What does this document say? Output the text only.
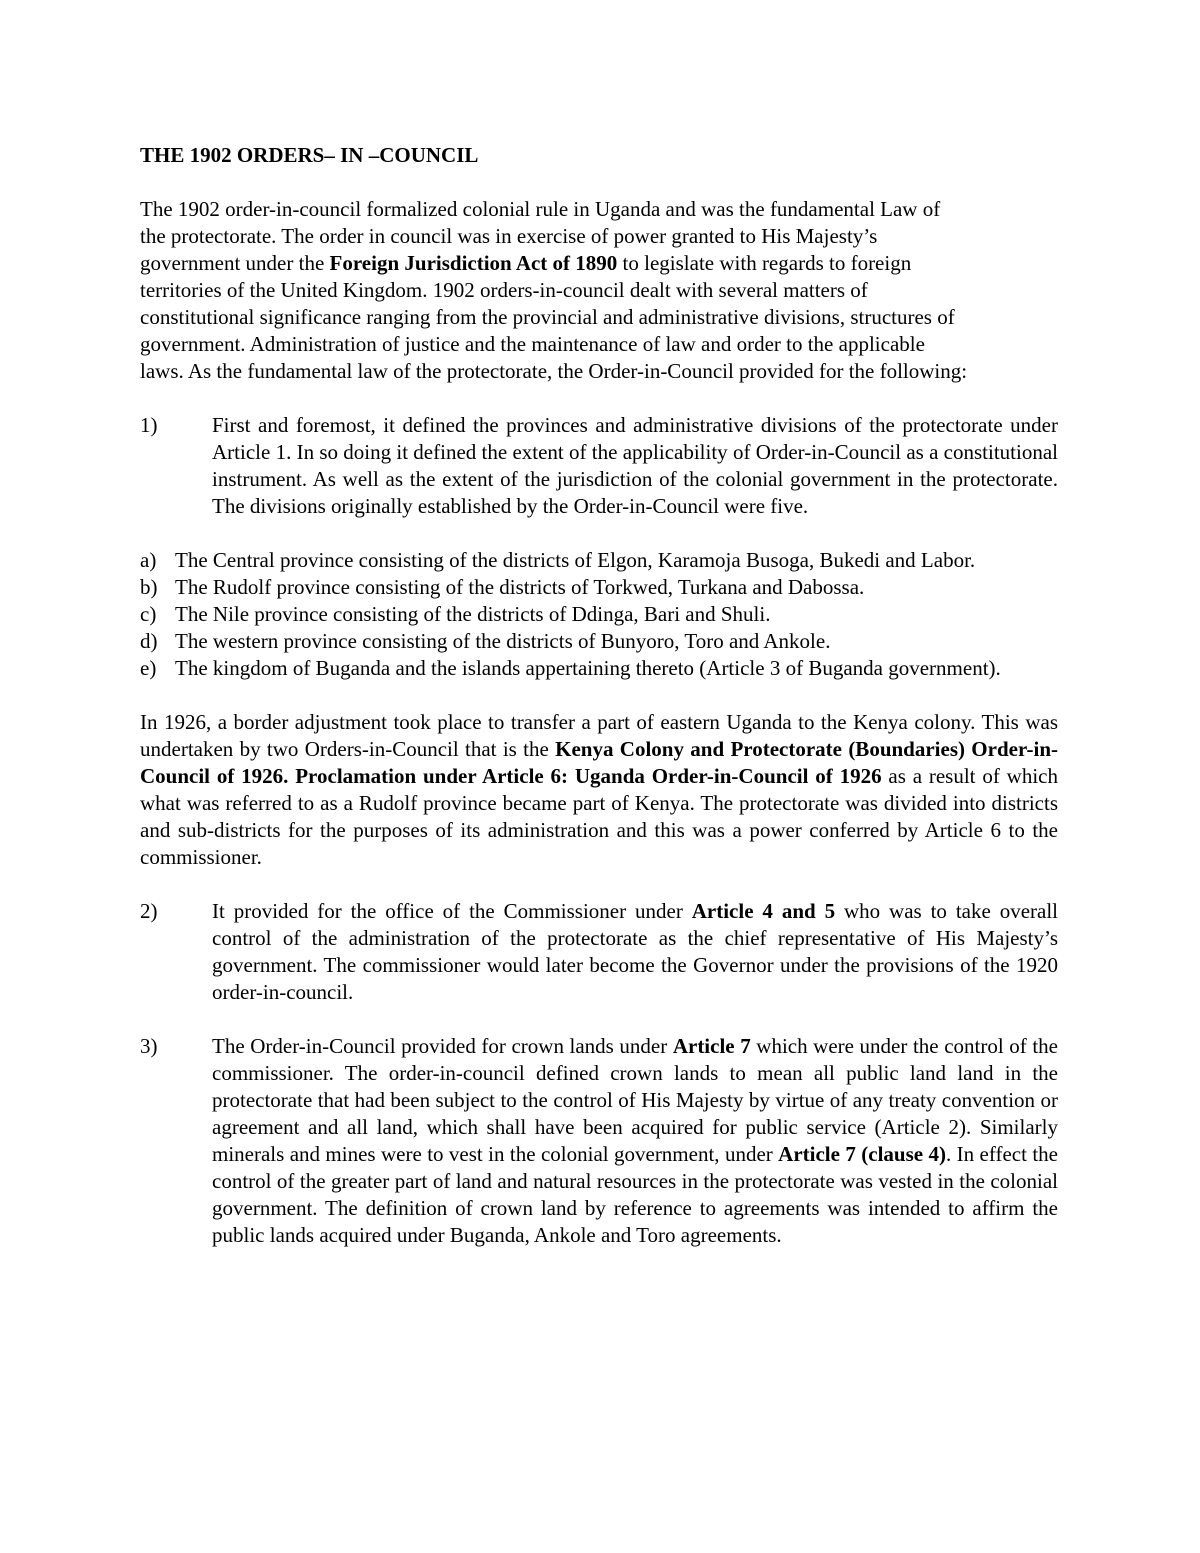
THE 1902 ORDERS– IN –COUNCIL

The 1902 order-in-council formalized colonial rule in Uganda and was the fundamental Law of the protectorate. The order in council was in exercise of power granted to His Majesty’s government under the Foreign Jurisdiction Act of 1890 to legislate with regards to foreign territories of the United Kingdom. 1902 orders-in-council dealt with several matters of constitutional significance ranging from the provincial and administrative divisions, structures of government. Administration of justice and the maintenance of law and order to the applicable laws. As the fundamental law of the protectorate, the Order-in-Council provided for the following:

1)	First and foremost, it defined the provinces and administrative divisions of the protectorate under Article 1. In so doing it defined the extent of the applicability of Order-in-Council as a constitutional instrument. As well as the extent of the jurisdiction of the colonial government in the protectorate. The divisions originally established by the Order-in-Council were five.
a) The Central province consisting of the districts of Elgon, Karamoja Busoga, Bukedi and Labor.
b) The Rudolf province consisting of the districts of Torkwed, Turkana and Dabossa.
c) The Nile province consisting of the districts of Ddinga, Bari and Shuli.
d) The western province consisting of the districts of Bunyoro, Toro and Ankole.
e) The kingdom of Buganda and the islands appertaining thereto (Article 3 of Buganda government).

In 1926, a border adjustment took place to transfer a part of eastern Uganda to the Kenya colony. This was undertaken by two Orders-in-Council that is the Kenya Colony and Protectorate (Boundaries) Order-in-Council of 1926. Proclamation under Article 6: Uganda Order-in-Council of 1926 as a result of which what was referred to as a Rudolf province became part of Kenya. The protectorate was divided into districts and sub-districts for the purposes of its administration and this was a power conferred by Article 6 to the commissioner.

2)	It provided for the office of the Commissioner under Article 4 and 5 who was to take overall control of the administration of the protectorate as the chief representative of His Majesty’s government. The commissioner would later become the Governor under the provisions of the 1920 order-in-council.
3)	The Order-in-Council provided for crown lands under Article 7 which were under the control of the commissioner. The order-in-council defined crown lands to mean all public land land in the protectorate that had been subject to the control of His Majesty by virtue of any treaty convention or agreement and all land, which shall have been acquired for public service (Article 2). Similarly minerals and mines were to vest in the colonial government, under Article 7 (clause 4). In effect the control of the greater part of land and natural resources in the protectorate was vested in the colonial government. The definition of crown land by reference to agreements was intended to affirm the public lands acquired under Buganda, Ankole and Toro agreements.
